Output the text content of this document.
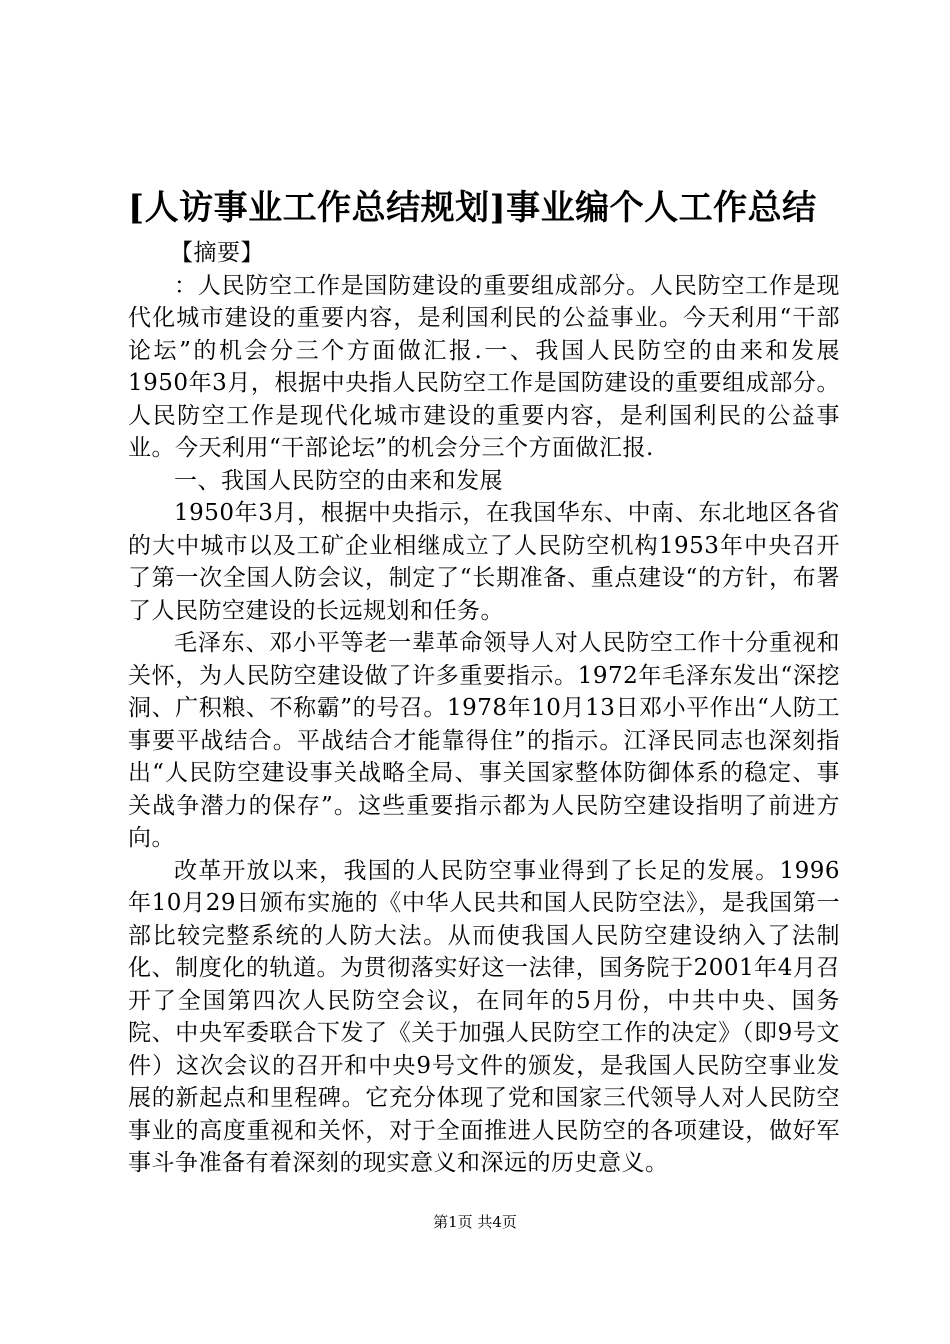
[人访事业工作总结规划]事业编个人工作总结

【摘要】

：人民防空工作是国防建设的重要组成部分。人民防空工作是现代化城市建设的重要内容，是利国利民的公益事业。今天利用“干部论坛”的机会分三个方面做汇报.一、我国人民防空的由来和发展1950年3月，根据中央指人民防空工作是国防建设的重要组成部分。人民防空工作是现代化城市建设的重要内容，是利国利民的公益事业。今天利用“干部论坛”的机会分三个方面做汇报.

一、我国人民防空的由来和发展

1950年3月，根据中央指示，在我国华东、中南、东北地区各省的大中城市以及工矿企业相继成立了人民防空机构1953年中央召开了第一次全国人防会议，制定了“长期准备、重点建设“的方针，布署了人民防空建设的长远规划和任务。

毛泽东、邓小平等老一辈革命领导人对人民防空工作十分重视和关怀，为人民防空建设做了许多重要指示。1972年毛泽东发出“深挖洞、广积粮、不称霸”的号召。1978年10月13日邓小平作出“人防工事要平战结合。平战结合才能靠得住”的指示。江泽民同志也深刻指出“人民防空建设事关战略全局、事关国家整体防御体系的稳定、事关战争潜力的保存”。这些重要指示都为人民防空建设指明了前进方向。

改革开放以来，我国的人民防空事业得到了长足的发展。1996年10月29日颁布实施的《中华人民共和国人民防空法》，是我国第一部比较完整系统的人防大法。从而使我国人民防空建设纳入了法制化、制度化的轨道。为贯彻落实好这一法律，国务院于2001年4月召开了全国第四次人民防空会议，在同年的5月份，中共中央、国务院、中央军委联合下发了《关于加强人民防空工作的决定》（即9号文件）这次会议的召开和中央9号文件的颁发，是我国人民防空事业发展的新起点和里程碑。它充分体现了党和国家三代领导人对人民防空事业的高度重视和关怀，对于全面推进人民防空的各项建设，做好军事斗争准备有着深刻的现实意义和深远的历史意义。

第1页 共4页
